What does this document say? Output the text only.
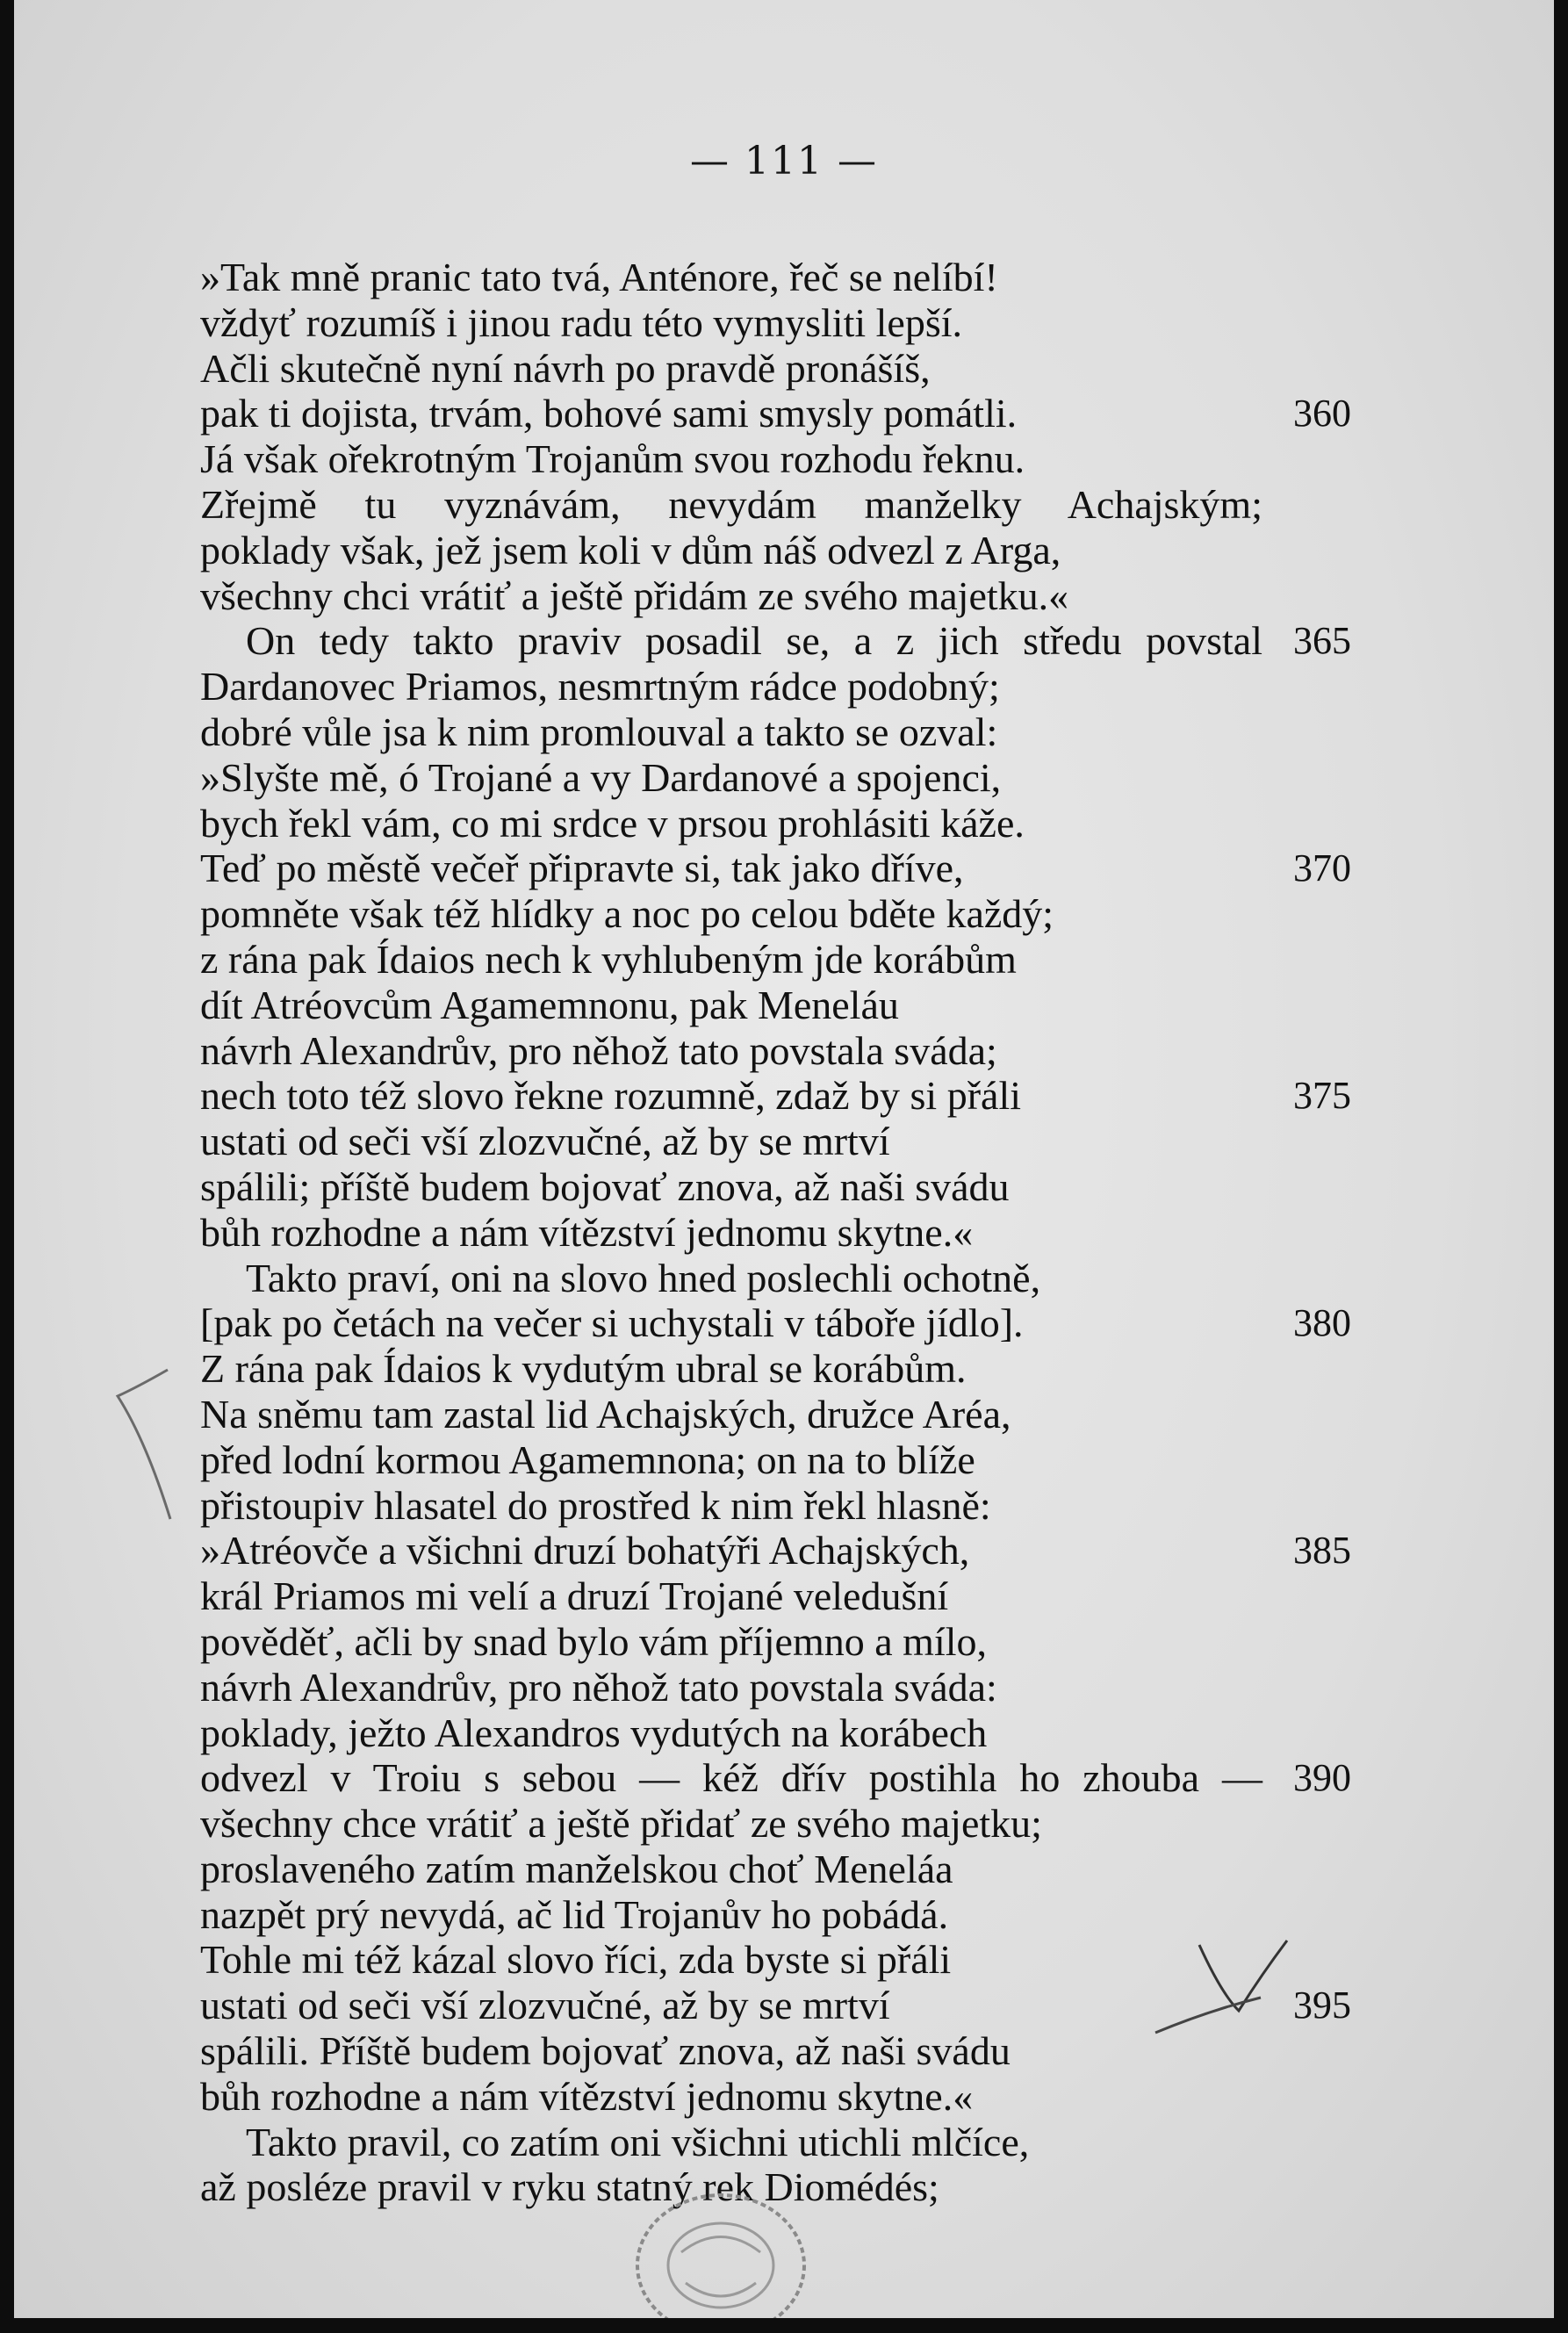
— 111 —
»Tak mně pranic tato tvá, Anténore, řeč se nelíbí!
vždyť rozumíš i jinou radu této vymysliti lepší.
Ačli skutečně nyní návrh po pravdě pronášíš,
pak ti dojista, trvám, bohové sami smysly pomátli.	360
Já však ořekrotným Trojanům svou rozhodu řeknu.
Zřejmě tu vyznávám, nevydám manželky Achajským;
poklady však, jež jsem koli v dům náš odvezl z Arga,
všechny chci vrátiť a ještě přidám ze svého majetku.«
On tedy takto praviv posadil se, a z jich středu povstal 365
Dardanovec Priamos, nesmrtným rádce podobný;
dobré vůle jsa k nim promlouval a takto se ozval:
»Slyšte mě, ó Trojané a vy Dardanové a spojenci,
bych řekl vám, co mi srdce v prsou prohlásiti káže.
Teď po městě večeř připravte si, tak jako dříve,	370
pomněte však též hlídky a noc po celou bděte každý;
z rána pak Ídaios nech k vyhlubeným jde korábům
dít Atréovcům Agamemnonu, pak Meneláu
návrh Alexandrův, pro něhož tato povstala sváda;
nech toto též slovo řekne rozumně, zdaž by si přáli	375
ustati od seči vší zlozvučné, až by se mrtví
spálili; příště budem bojovať znova, až naši svádu
bůh rozhodne a nám vítězství jednomu skytne.«
Takto praví, oni na slovo hned poslechli ochotně,
[pak po četách na večer si uchystali v táboře jídlo].	380
Z rána pak Ídaios k vydutým ubral se korábům.
Na sněmu tam zastal lid Achajských, družce Aréa,
před lodní kormou Agamemnona; on na to blíže
přistoupiv hlasatel do prostřed k nim řekl hlasně:
»Atréovče a všichni druzí bohatýři Achajských,	385
král Priamos mi velí a druzí Trojané veledušní
pověděť, ačli by snad bylo vám příjemno a mílo,
návrh Alexandrův, pro něhož tato povstala sváda:
poklady, ježto Alexandros vydutých na korábech
odvezl v Troiu s sebou — kéž dřív postihla ho zhouba — 390
všechny chce vrátiť a ještě přidať ze svého majetku;
proslaveného zatím manželskou choť Meneláa
nazpět prý nevydá, ač lid Trojanův ho pobádá.
Tohle mi též kázal slovo říci, zda byste si přáli
ustati od seči vší zlozvučné, až by se mrtví	395
spálili. Příště budem bojovať znova, až naši svádu
bůh rozhodne a nám vítězství jednomu skytne.«
Takto pravil, co zatím oni všichni utichli mlčíce,
až posléze pravil v ryku statný rek Diomédés;
